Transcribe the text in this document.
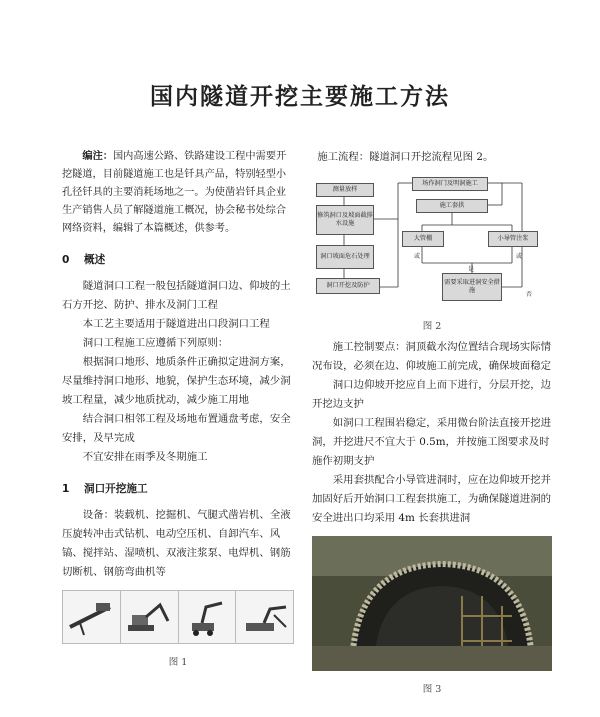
国内隧道开挖主要施工方法

编注：国内高速公路、铁路建设工程中需要开挖隧道，目前隧道施工也是钎具产品，特别轻型小孔径钎具的主要消耗场地之一。为使凿岩钎具企业生产销售人员了解隧道施工概况，协会秘书处综合网络资料，编辑了本篇概述，供参考。

0 概述

隧道洞口工程一般包括隧道洞口边、仰坡的土石方开挖、防护、排水及洞门工程

本工艺主要适用于隧道进出口段洞口工程

洞口工程施工应遵循下列原则：

根据洞口地形、地质条件正确拟定进洞方案，尽量维持洞口地形、地貌，保护生态环境，减少洞坡工程量，减少地质扰动，减少施工用地

结合洞口相邻工程及场地布置通盘考虑，安全安排，及早完成

不宜安排在雨季及冬期施工

1 洞口开挖施工

设备：装载机、挖掘机、气腿式凿岩机、全液压旋转冲击式钻机、电动空压机、自卸汽车、风镐、搅拌站、湿喷机、双液注浆泵、电焊机、钢筋切断机、钢筋弯曲机等

图 1

施工流程：隧道洞口开挖流程见图 2。

测量放样
修筑洞口及坡面截排水设施
洞口坡面危石处理
洞口开挖及防护
场作洞门及明洞施工
施工套拱
大管棚	小导管注浆
需要采取进洞安全措施
或
是
或
否
图 2

施工控制要点：洞顶截水沟位置结合现场实际情况布设，必须在边、仰坡施工前完成，确保坡面稳定

洞口边仰坡开挖应自上而下进行，分层开挖，边开挖边支护

如洞口工程围岩稳定，采用微台阶法直接开挖进洞，并挖进尺不宜大于 0.5m，并按施工图要求及时施作初期支护

采用套拱配合小导管进洞时，应在边仰坡开挖并加固好后开始洞口工程套拱施工，为确保隧道进洞的安全进出口均采用 4m 长套拱进洞

图 3
